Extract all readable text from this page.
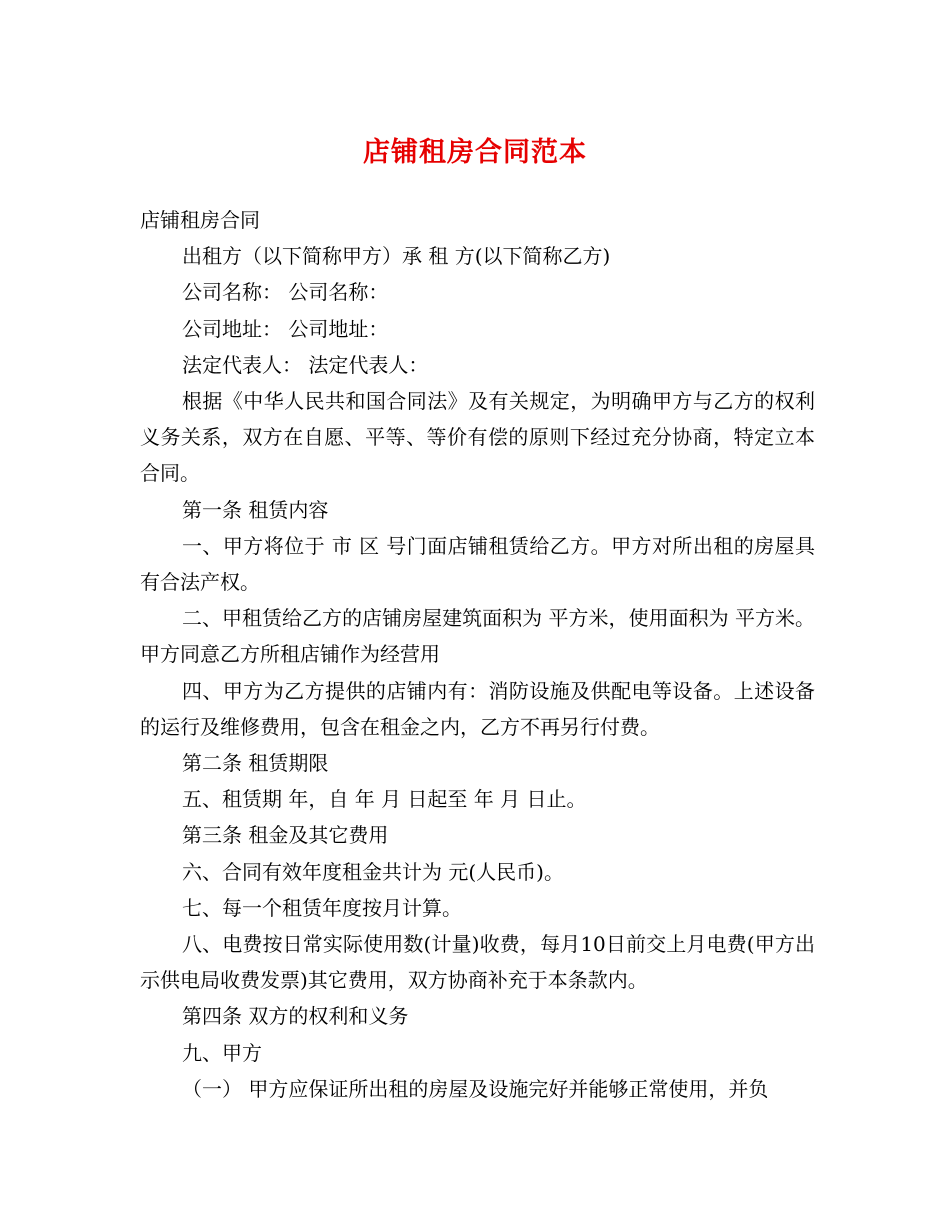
店铺租房合同范本

店铺租房合同

出租方（以下简称甲方）承 租 方(以下简称乙方)

公司名称： 公司名称：

公司地址： 公司地址：

法定代表人： 法定代表人：

根据《中华人民共和国合同法》及有关规定，为明确甲方与乙方的权利义务关系，双方在自愿、平等、等价有偿的原则下经过充分协商，特定立本合同。

第一条 租赁内容

一、甲方将位于 市 区 号门面店铺租赁给乙方。甲方对所出租的房屋具有合法产权。

二、甲租赁给乙方的店铺房屋建筑面积为 平方米，使用面积为 平方米。甲方同意乙方所租店铺作为经营用

四、甲方为乙方提供的店铺内有：消防设施及供配电等设备。上述设备的运行及维修费用，包含在租金之内，乙方不再另行付费。

第二条 租赁期限

五、租赁期 年，自 年 月 日起至 年 月 日止。

第三条 租金及其它费用

六、合同有效年度租金共计为 元(人民币)。

七、每一个租赁年度按月计算。

八、电费按日常实际使用数(计量)收费，每月10日前交上月电费(甲方出示供电局收费发票)其它费用，双方协商补充于本条款内。

第四条 双方的权利和义务

九、甲方

（一） 甲方应保证所出租的房屋及设施完好并能够正常使用，并负
